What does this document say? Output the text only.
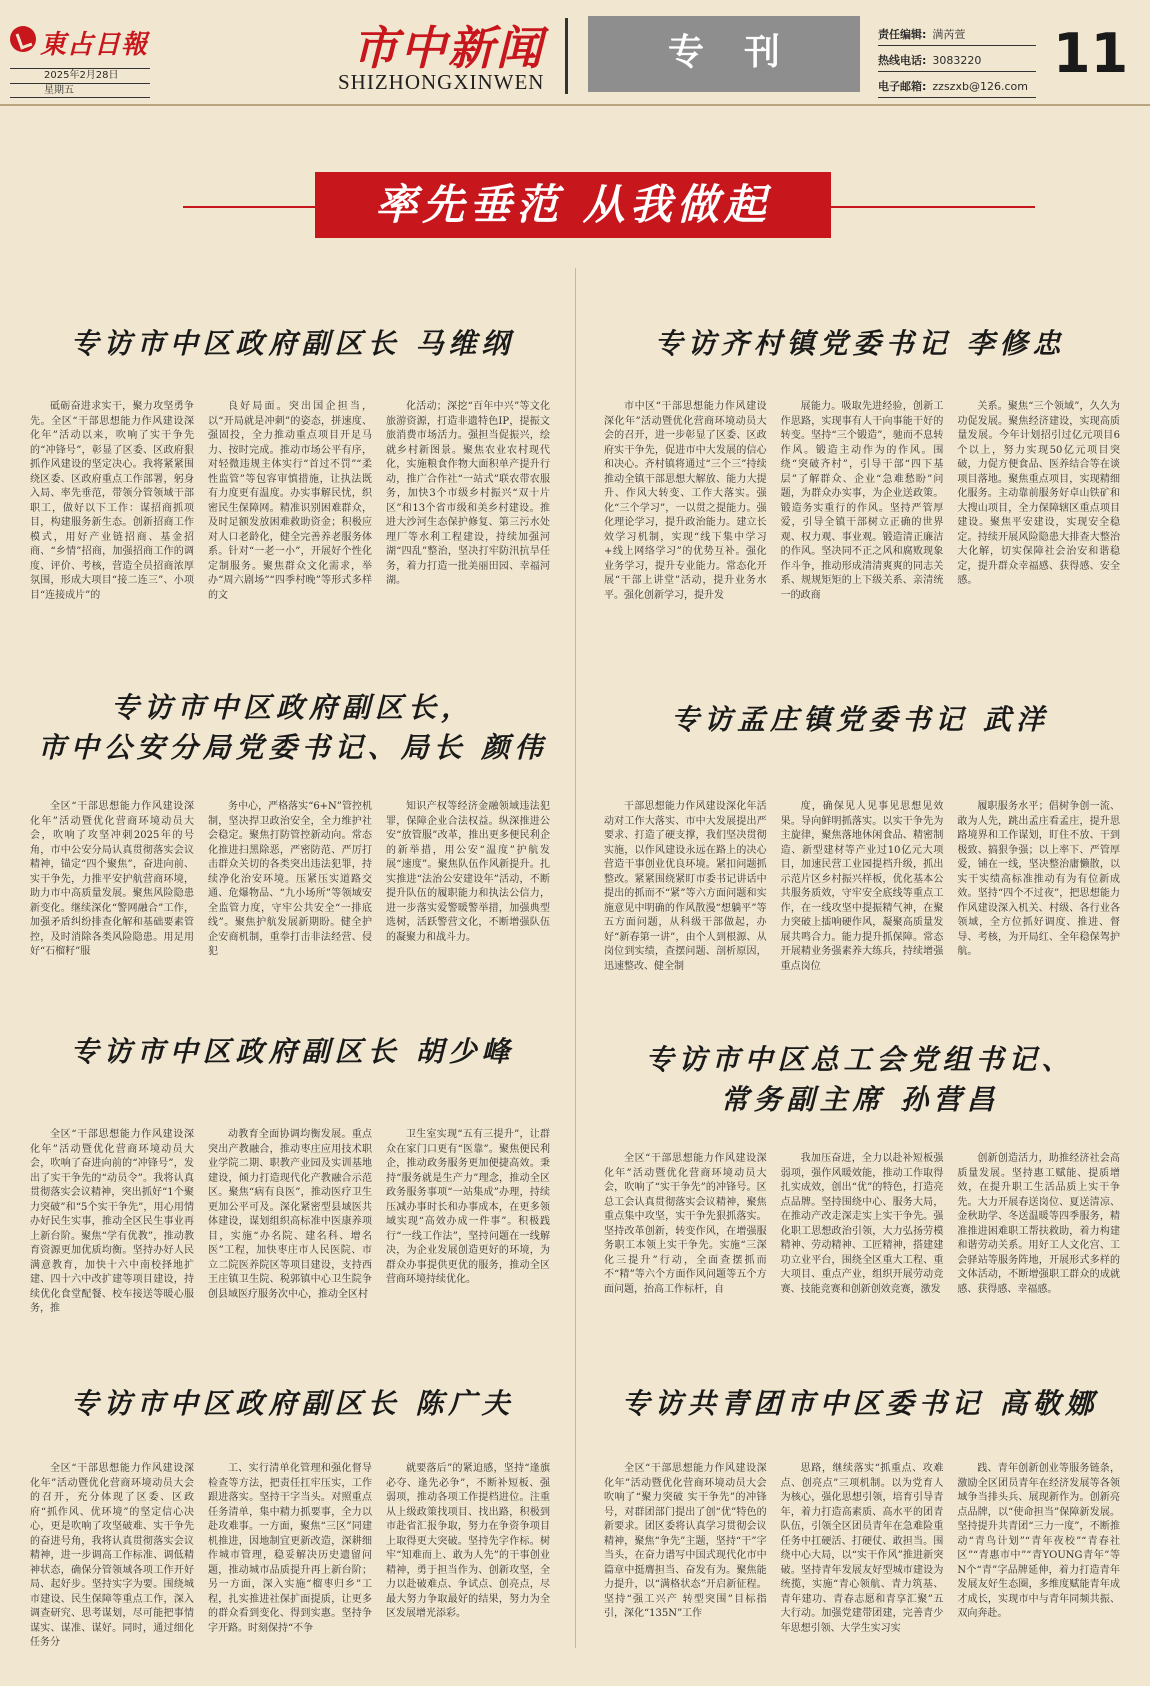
東占日報
2025年2月28日
星期五
市中新闻
SHIZHONGXINWEN
专刊	责任编辑: 满芮萱
热线电话: 3083220
电子邮箱: zzszxb@126.com
11
率先垂范 从我做起
专访市中区政府副区长 马维纲

砥砺奋进求实干，聚力攻坚勇争先。全区“干部思想能力作风建设深化年”活动以来，吹响了实干争先的“冲锋号”，彰显了区委、区政府狠抓作风建设的坚定决心。我将紧紧围绕区委、区政府重点工作部署，躬身入局、率先垂范，带领分管领域干部职工，做好以下工作：谋招商抓项目，构建服务新生态。创新招商工作模式，用好产业链招商、基金招商、“乡情”招商，加强招商工作的调度、评价、考核，营造全员招商浓厚氛围，形成大项目“接二连三”、小项目“连接成片”的

良好局面。突出国企担当，以“开局就是冲刺”的姿态，拼速度、强固投，全力推动重点项目开足马力、按时完成。推动市场公平有序，对轻微违规主体实行“首过不罚”“柔性监管”等包容审慎措施，让执法既有力度更有温度。办实事解民忧，织密民生保障网。精准识别困难群众，及时足额发放困难救助资金；积极应对人口老龄化，健全完善养老服务体系。针对“一老一小”，开展好个性化定制服务。聚焦群众文化需求，举办“周六剧场”“四季村晚”等形式多样的文

化活动；深挖“百年中兴”等文化旅游资源，打造非遗特色IP，提振文旅消费市场活力。强担当促振兴，绘就乡村新图景。聚焦农业农村现代化，实施粮食作物大面积单产提升行动，推广合作社“一站式”联农带农服务，加快3个市级乡村振兴“双十片区”和13个省市级和美乡村建设。推进大沙河生态保护修复、第三污水处理厂等水利工程建设，持续加强河湖“四乱”整治，坚决打牢防汛抗旱任务，着力打造一批美丽田园、幸福河湖。

专访齐村镇党委书记 李修忠

市中区“干部思想能力作风建设深化年”活动暨优化营商环境动员大会的召开，进一步彰显了区委、区政府实干争先，促进市中大发展的信心和决心。齐村镇将通过“三个三”持续推动全镇干部思想大解放、能力大提升、作风大转变、工作大落实。强化“三个学习”，一以贯之提能力。强化理论学习，提升政治能力。建立长效学习机制，实现“线下集中学习+线上网络学习”的优势互补。强化业务学习，提升专业能力。常态化开展“干部上讲堂”活动，提升业务水平。强化创新学习，提升发

展能力。吸取先进经验，创新工作思路，实现事有人干向事能干好的转变。坚持“三个锻造”，驰而不息转作风。锻造主动作为的作风。围绕“突破齐村”，引导干部“四下基层”了解群众、企业“急难愁盼”问题，为群众办实事，为企业送政策。锻造务实重行的作风。坚持严管厚爱，引导全镇干部树立正确的世界观、权力观、事业观。锻造清正廉洁的作风。坚决同不正之风和腐败现象作斗争，推动形成清清爽爽的同志关系、规规矩矩的上下级关系、亲清统一的政商

关系。聚焦“三个领域”，久久为功促发展。聚焦经济建设，实现高质量发展。今年计划招引过亿元项目6个以上，努力实现50亿元项目突破，力促方便食品、医养结合等在谈项目落地。聚焦重点项目，实现精细化服务。主动靠前服务好卓山铁矿和大搜山项目，全力保障辖区重点项目建设。聚焦平安建设，实现安全稳定。持续开展风险隐患大排查大整治大化解，切实保障社会治安和谐稳定，提升群众幸福感、获得感、安全感。

专访市中区政府副区长，
市中公安分局党委书记、局长 颜伟

全区“干部思想能力作风建设深化年”活动暨优化营商环境动员大会，吹响了攻坚冲刺2025年的号角，市中公安分局认真贯彻落实会议精神，锚定“四个聚焦”，奋进向前、实干争先，力推平安护航营商环境，助力市中高质量发展。聚焦风险隐患新变化。继续深化“警网融合”工作，加强矛盾纠纷排查化解和基础要素管控，及时消除各类风险隐患。用足用好“石榴籽”服

务中心，严格落实“6+N”管控机制，坚决捍卫政治安全，全力维护社会稳定。聚焦打防管控新动向。常态化推进扫黑除恶，严密防范、严厉打击群众关切的各类突出违法犯罪，持续净化治安环境。压紧压实道路交通、危爆物品、“九小场所”等领域安全监管力度，守牢公共安全“一排底线”。聚焦护航发展新期盼。健全护企安商机制，重拳打击非法经营、侵犯

知识产权等经济金融领域违法犯罪，保障企业合法权益。纵深推进公安“放管服”改革，推出更多便民利企的新举措，用公安“温度”护航发展“速度”。聚焦队伍作风新提升。扎实推进“法治公安建设年”活动，不断提升队伍的履职能力和执法公信力，进一步落实爱警暖警举措，加强典型选树，活跃警营文化，不断增强队伍的凝聚力和战斗力。

专访孟庄镇党委书记 武洋

干部思想能力作风建设深化年活动对工作大落实、市中大发展提出严要求、打造了硬支撑，我们坚决贯彻实施，以作风建设永远在路上的决心营造干事创业优良环境。紧扣问题抓整改。紧紧围绕紧盯市委书记讲话中提出的抓而不“紧”等六方面问题和实施意见中明确的作风散漫“想躺平”等五方面问题，从科级干部做起，办好“新春第一讲”，由个人到根源、从岗位到实绩，查摆问题、剖析原因，迅速整改、健全制

度，确保见人见事见思想见效果。导向鲜明抓落实。以实干争先为主旋律，聚焦落地休闲食品、精密制造、新型建材等产业过10亿元大项目，加速民营工业园提档升级，抓出示范片区乡村振兴样板，优化基本公共服务质效，守牢安全底线等重点工作，在一线攻坚中提振精气神，在聚力突破上擂响硬作风，凝聚高质量发展共鸣合力。能力提升抓保障。常态开展精业务强素养大练兵，持续增强重点岗位

履职服务水平；倡树争创一流、敢为人先，跳出孟庄看孟庄，提升思路境界和工作谋划，盯住不放、干到极致、搞狠争强；以上率下、严管厚爱，铺在一线，坚决整治庸懒散，以实干实绩高标准推动有为有位新成效。坚持“四个不过夜”，把思想能力作风建设深入机关、村级、各行业各领域，全方位抓好调度、推进、督导、考核，为开局红、全年稳保驾护航。

专访市中区政府副区长 胡少峰

全区“干部思想能力作风建设深化年”活动暨优化营商环境动员大会，吹响了奋进向前的“冲锋号”，发出了实干争先的“动员令”。我将认真贯彻落实会议精神，突出抓好“1个聚力突破”和“5个实干争先”，用心用情办好民生实事，推动全区民生事业再上新台阶。聚焦“学有优教”，推动教育资源更加优质均衡。坚持办好人民满意教育，加快十六中南校择地扩建、四十六中改扩建等项目建设，持续优化食堂配餐、校车接送等暖心服务，推

动教育全面协调均衡发展。重点突出产教融合，推动枣庄应用技术职业学院二期、职教产业园及实训基地建设，倾力打造现代化产教融合示范区。聚焦“病有良医”，推动医疗卫生更加公平可及。深化紧密型县域医共体建设，谋划组织高标准中医康养项目，实施“办名院、建名科、增名医”工程，加快枣庄市人民医院、市立二院医养院区等项目建设，支持西王庄镇卫生院、税郭镇中心卫生院争创县域医疗服务次中心，推动全区村

卫生室实现“五有三提升”，让群众在家门口更有“医靠”。聚焦便民利企，推动政务服务更加便捷高效。秉持“服务就是生产力”理念，推动全区政务服务事项“一站集成”办理，持续压减办事时长和办事成本，在更多领域实现“高效办成一件事”。积极践行“一线工作法”，坚持问题在一线解决，为企业发展创造更好的环境，为群众办事提供更优的服务，推动全区营商环境持续优化。

专访市中区总工会党组书记、
常务副主席 孙营昌

全区“干部思想能力作风建设深化年”活动暨优化营商环境动员大会，吹响了“实干争先”的冲锋号。区总工会认真贯彻落实会议精神，聚焦重点集中攻坚，实干争先狠抓落实。坚持改革创新，转变作风，在增强服务职工本领上实干争先。实施“三深化三提升”行动，全面查摆抓而不“精”等六个方面作风问题等五个方面问题，抬高工作标杆，自

我加压奋进，全力以赴补短板强弱项，强作风暖效能，推动工作取得扎实成效，创出“优”的特色，打造亮点品牌。坚持围绕中心、服务大局，在推动产改走深走实上实干争先。强化职工思想政治引领，大力弘扬劳模精神、劳动精神、工匠精神，搭建建功立业平台，围绕全区重大工程、重大项目、重点产业，组织开展劳动竞赛、技能竞赛和创新创效竞赛，激发

创新创造活力，助推经济社会高质量发展。坚持惠工赋能、提质增效，在提升职工生活品质上实干争先。大力开展春送岗位、夏送清凉、金秋助学、冬送温暖等四季服务，精准推进困难职工帮扶救助，着力构建和谐劳动关系。用好工人文化宫、工会驿站等服务阵地，开展形式多样的文体活动，不断增强职工群众的成就感、获得感、幸福感。

专访市中区政府副区长 陈广夫

全区“干部思想能力作风建设深化年”活动暨优化营商环境动员大会的召开，充分体现了区委、区政府“抓作风、优环境”的坚定信心决心，更是吹响了攻坚破难、实干争先的奋进号角，我将认真贯彻落实会议精神，进一步调高工作标准、调低精神状态，确保分管领域各项工作开好局、起好步。坚持实字为要。围绕城市建设、民生保障等重点工作，深入调查研究、思考谋划，尽可能把事情谋实、谋准、谋好。同时，通过细化任务分

工、实行清单化管理和强化督导检查等方法，把责任扛牢压实，工作跟进落实。坚持干字当头。对照重点任务清单，集中精力抓要事，全力以赴攻难事。一方面，聚焦“三区”同建机推进，因地制宜更新改造，深耕细作城市管理，稳妥解决历史遗留问题，推动城市品质提升再上新台阶；另一方面，深入实施“榴枣归乡”工程，扎实推进社保扩面提质，让更多的群众看到变化、得到实惠。坚持争字开路。时刻保持“不争

就要落后”的紧迫感，坚持“逢旗必夺、逢先必争”，不断补短板、强弱项，推动各项工作提档进位。注重从上级政策找项目、找出路，积极到市赴省汇报争取，努力在争资争项目上取得更大突破。坚持先字作标。树牢“知难而上、敢为人先”的干事创业精神，勇于担当作为、创新攻坚，全力以赴破难点、争试点、创亮点，尽最大努力争取最好的结果，努力为全区发展增光添彩。

专访共青团市中区委书记 高敬娜

全区“干部思想能力作风建设深化年”活动暨优化营商环境动员大会吹响了“聚力突破 实干争先”的冲锋号，对群团部门提出了创“优”特色的新要求。团区委将认真学习贯彻会议精神，聚焦“争先”主题，坚持“干”字当头，在奋力谱写中国式现代化市中篇章中挺膺担当、奋发有为。聚焦能力提升，以“满格状态”开启新征程。坚持“强工兴产 转型突围”目标指引，深化“135N”工作

思路，继续落实“抓重点、攻难点、创亮点”三项机制。以为党育人为核心，强化思想引领，培育引导青年，着力打造高素质、高水平的团青队伍，引领全区团员青年在急难险重任务中扛硬活、打硬仗、敢担当。围绕中心大局，以“实干作风”推进新突破。坚持青年发展友好型城市建设为统揽，实施“青心领航、青力筑基、青年建功、青春志愿和青享汇聚”五大行动。加强党建带团建，完善青少年思想引领、大学生实习实

践、青年创新创业等服务链条，激励全区团员青年在经济发展等各领域争当排头兵、展现新作为。创新亮点品牌，以“使命担当”保障新发展。坚持提升共青团“三力一度”，不断推动“青鸟计划”“青年夜校”“青春社区”“青惠市中”“青YOUNG青年”等N个“青”字品牌延伸，着力打造青年发展友好生态圈，多维度赋能青年成才成长，实现市中与青年同频共振、双向奔赴。
